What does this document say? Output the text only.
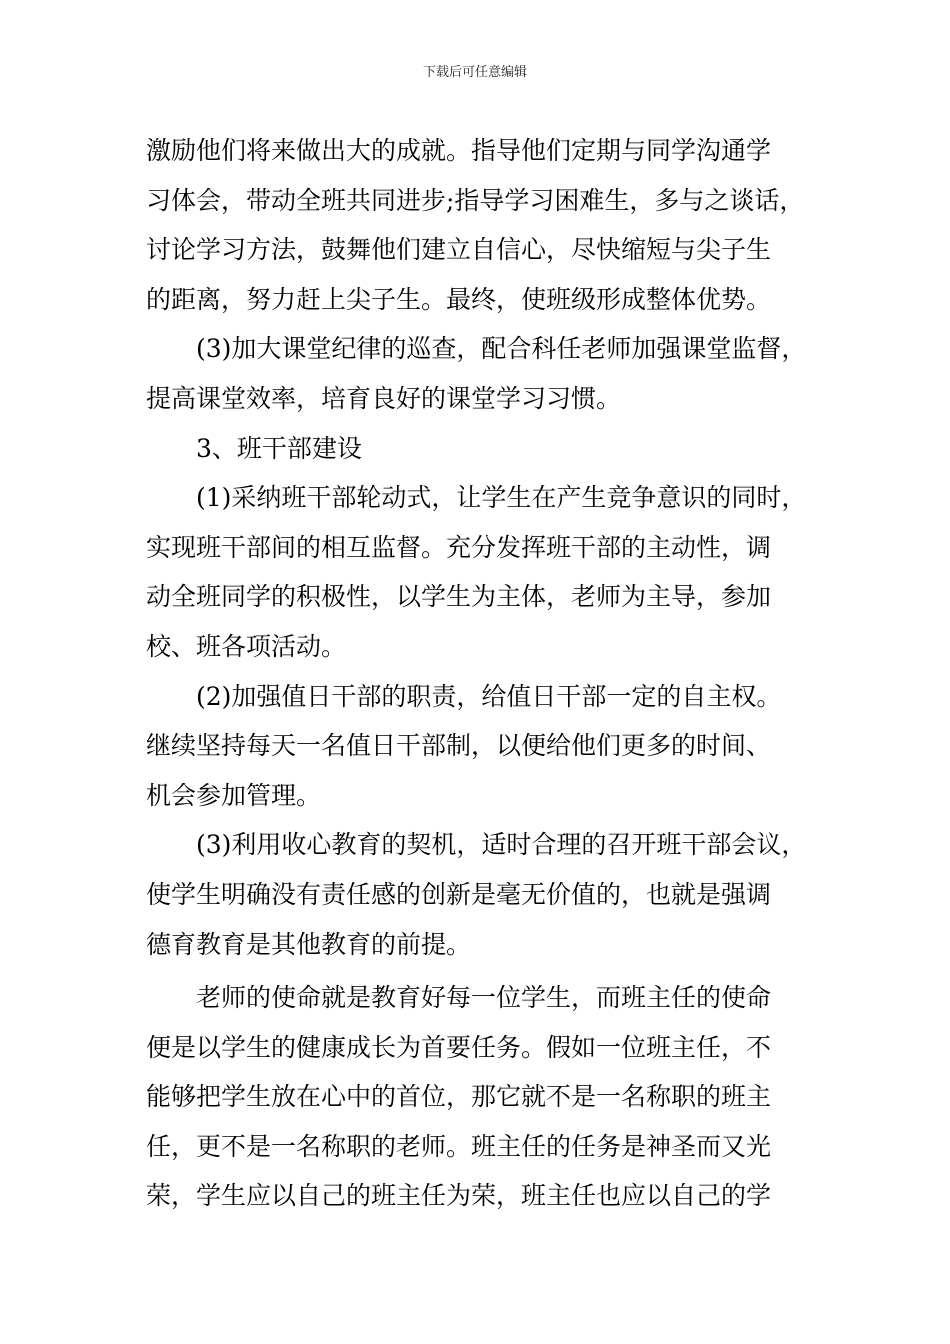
下载后可任意编辑
激励他们将来做出大的成就。指导他们定期与同学沟通学
习体会，带动全班共同进步;指导学习困难生，多与之谈话，
讨论学习方法，鼓舞他们建立自信心，尽快缩短与尖子生
的距离，努力赶上尖子生。最终，使班级形成整体优势。
　　(3)加大课堂纪律的巡查，配合科任老师加强课堂监督，
提高课堂效率，培育良好的课堂学习习惯。
　　3、班干部建设
　　(1)采纳班干部轮动式，让学生在产生竞争意识的同时，
实现班干部间的相互监督。充分发挥班干部的主动性，调
动全班同学的积极性，以学生为主体，老师为主导，参加
校、班各项活动。
　　(2)加强值日干部的职责，给值日干部一定的自主权。
继续坚持每天一名值日干部制，以便给他们更多的时间、
机会参加管理。
　　(3)利用收心教育的契机，适时合理的召开班干部会议，
使学生明确没有责任感的创新是毫无价值的，也就是强调
德育教育是其他教育的前提。
　　老师的使命就是教育好每一位学生，而班主任的使命
便是以学生的健康成长为首要任务。假如一位班主任，不
能够把学生放在心中的首位，那它就不是一名称职的班主
任，更不是一名称职的老师。班主任的任务是神圣而又光
荣，学生应以自己的班主任为荣，班主任也应以自己的学
